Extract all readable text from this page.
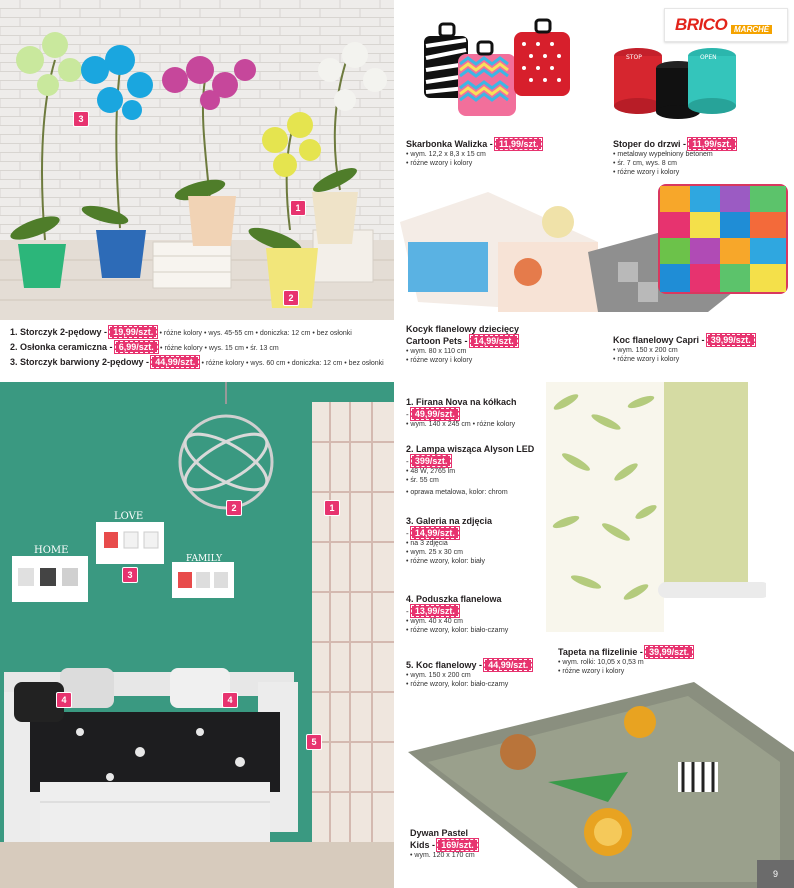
3
1
2
1. Storczyk 2-pędowy - 19,99/szt. • różne kolory • wys. 45-55 cm • doniczka: 12 cm • bez osłonki
2. Osłonka ceramiczna - 6,99/szt. • różne kolory • wys. 15 cm • śr. 13 cm
3. Storczyk barwiony 2-pędowy - 44,99/szt. • różne kolory • wys. 60 cm • doniczka: 12 cm • bez osłonki
STOP	OPEN
BRICO MARCHÉ
Skarbonka Walizka - 11,99/szt.
• wym. 12,2 x 8,3 x 15 cm
• różne wzory i kolory
Stoper do drzwi - 11,99/szt.
• metalowy wypełniony betonem
• śr. 7 cm, wys. 8 cm
• różne wzory i kolory
Kocyk flanelowy dziecięcy
Cartoon Pets - 14,99/szt.
• wym. 80 x 110 cm
• różne wzory i kolory
Koc flanelowy Capri - 39,99/szt.
• wym. 150 x 200 cm
• różne wzory i kolory
HOME
LOVE
FAMILY
2	1
3
4	4
5
1. Firana Nova na kółkach
- 49,99/szt.
• wym. 140 x 245 cm • różne kolory
2. Lampa wisząca Alyson LED
- 399/szt.
• 48 W, 2765 lm
• śr. 55 cm
• oprawa metalowa, kolor: chrom
3. Galeria na zdjęcia
- 14,99/szt.
• na 3 zdjęcia
• wym. 25 x 30 cm
• różne wzory, kolor: biały
4. Poduszka flanelowa
- 13,99/szt.
• wym. 40 x 40 cm
• różne wzory, kolor: biało-czarny
5. Koc flanelowy - 44,99/szt.
• wym. 150 x 200 cm
• różne wzory, kolor: biało-czarny
Tapeta na flizelinie - 39,99/szt.
• wym. rolki: 10,05 x 0,53 m
• różne wzory i kolory
Dywan Pastel
Kids - 169/szt.
• wym. 120 x 170 cm
9
